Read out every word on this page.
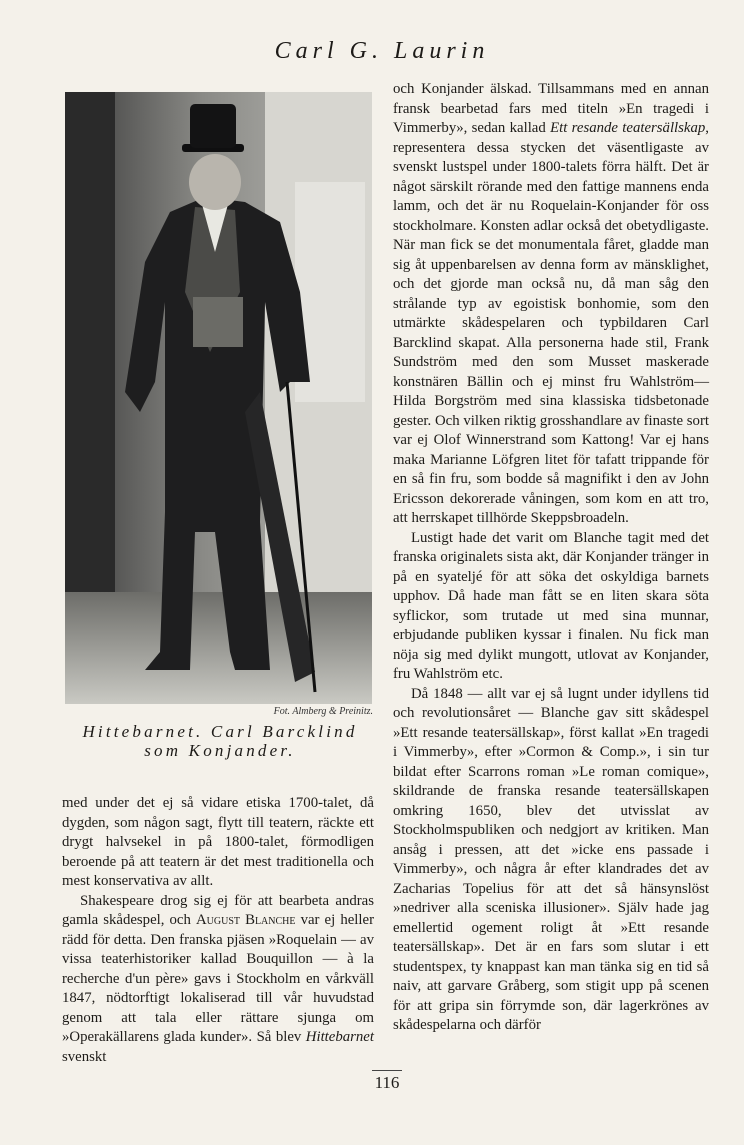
Carl G. Laurin
Fot. Almberg & Preinitz.
Hittebarnet. Carl Barcklind
som Konjander.

med under det ej så vidare etiska 1700-talet, då dygden, som någon sagt, flytt till teatern, räckte ett drygt halvsekel in på 1800-talet, förmodligen beroende på att teatern är det mest traditionella och mest konservativa av allt.

Shakespeare drog sig ej för att bearbeta andras gamla skådespel, och August Blanche var ej heller rädd för detta. Den franska pjäsen »Roquelain — av vissa teaterhistoriker kallad Bouquillon — à la recherche d'un père» gavs i Stockholm en vårkväll 1847, nödtorftigt lokaliserad till vår huvudstad genom att tala eller rättare sjunga om »Operakällarens glada kunder». Så blev Hittebarnet svenskt

och Konjander älskad. Tillsammans med en annan fransk bearbetad fars med titeln »En tragedi i Vimmerby», sedan kallad Ett resande teatersällskap, representera dessa stycken det väsentligaste av svenskt lustspel under 1800-talets förra hälft. Det är något särskilt rörande med den fattige mannens enda lamm, och det är nu Roquelain-Konjander för oss stockholmare. Konsten adlar också det obetydligaste. När man fick se det monumentala fåret, gladde man sig åt uppenbarelsen av denna form av mänsklighet, och det gjorde man också nu, då man såg den strålande typ av egoistisk bonhomie, som den utmärkte skådespelaren och typbildaren Carl Barcklind skapat. Alla personerna hade stil, Frank Sundström med den som Musset maskerade konstnären Bällin och ej minst fru Wahlström—Hilda Borgström med sina klassiska tidsbetonade gester. Och vilken riktig grosshandlare av finaste sort var ej Olof Winnerstrand som Kattong! Var ej hans maka Marianne Löfgren litet för tafatt trippande för en så fin fru, som bodde så magnifikt i den av John Ericsson dekorerade våningen, som kom en att tro, att herrskapet tillhörde Skeppsbroadeln.

Lustigt hade det varit om Blanche tagit med det franska originalets sista akt, där Konjander tränger in på en syateljé för att söka det oskyldiga barnets upphov. Då hade man fått se en liten skara söta syflickor, som trutade ut med sina munnar, erbjudande publiken kyssar i finalen. Nu fick man nöja sig med dylikt mungott, utlovat av Konjander, fru Wahlström etc.

Då 1848 — allt var ej så lugnt under idyllens tid och revolutionsåret — Blanche gav sitt skådespel »Ett resande teatersällskap», först kallat »En tragedi i Vimmerby», efter »Cormon & Comp.», i sin tur bildat efter Scarrons roman »Le roman comique», skildrande de franska resande teatersällskapen omkring 1650, blev det utvisslat av Stockholmspubliken och nedgjort av kritiken. Man ansåg i pressen, att det »icke ens passade i Vimmerby», och några år efter klandrades det av Zacharias Topelius för att det så hänsynslöst »nedriver alla sceniska illusioner». Själv hade jag emellertid ogement roligt åt »Ett resande teatersällskap». Det är en fars som slutar i ett studentspex, ty knappast kan man tänka sig en tid så naiv, att garvare Gråberg, som stigit upp på scenen för att gripa sin förrymde son, där lagerkrönes av skådespelarna och därför

116
